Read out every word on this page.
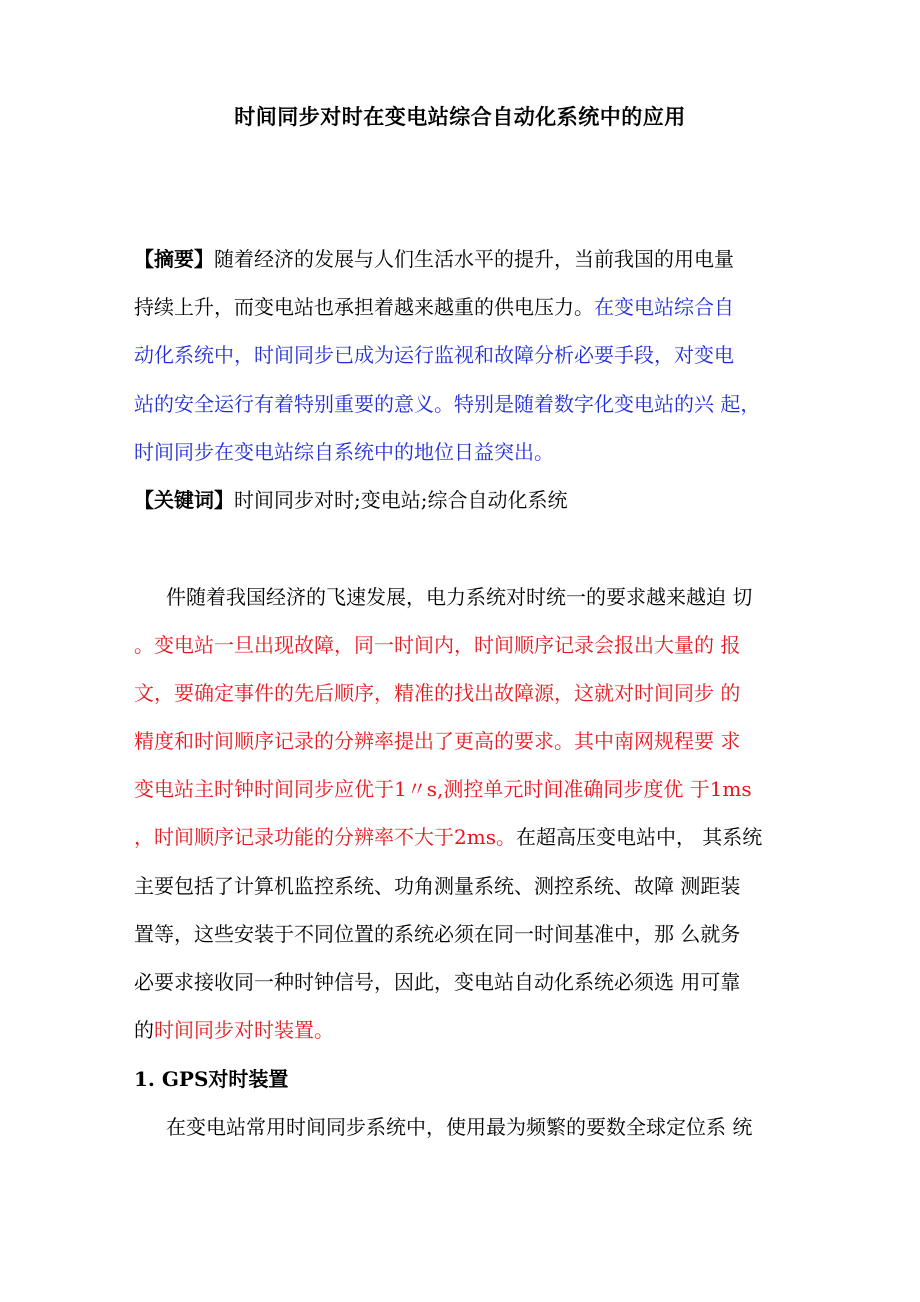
时间同步对时在变电站综合自动化系统中的应用
【摘要】随着经济的发展与人们生活水平的提升，当前我国的用电量
持续上升，而变电站也承担着越来越重的供电压力。在变电站综合自
动化系统中，时间同步已成为运行监视和故障分析必要手段，对变电
站的安全运行有着特别重要的意义。特别是随着数字化变电站的兴 起，
时间同步在变电站综自系统中的地位日益突出。
【关键词】时间同步对时;变电站;综合自动化系统
件随着我国经济的飞速发展，电力系统对时统一的要求越来越迫 切
。变电站一旦出现故障，同一时间内，时间顺序记录会报出大量的 报
文，要确定事件的先后顺序，精准的找出故障源，这就对时间同步 的
精度和时间顺序记录的分辨率提出了更高的要求。其中南网规程要 求
变电站主时钟时间同步应优于1〃s,测控单元时间准确同步度优 于1ms
，时间顺序记录功能的分辨率不大于2ms。在超高压变电站中， 其系统
主要包括了计算机监控系统、功角测量系统、测控系统、故障 测距装
置等，这些安装于不同位置的系统必须在同一时间基准中，那 么就务
必要求接收同一种时钟信号，因此，变电站自动化系统必须选 用可靠
的时间同步对时装置。
1. GPS对时装置
在变电站常用时间同步系统中，使用最为频繁的要数全球定位系 统
